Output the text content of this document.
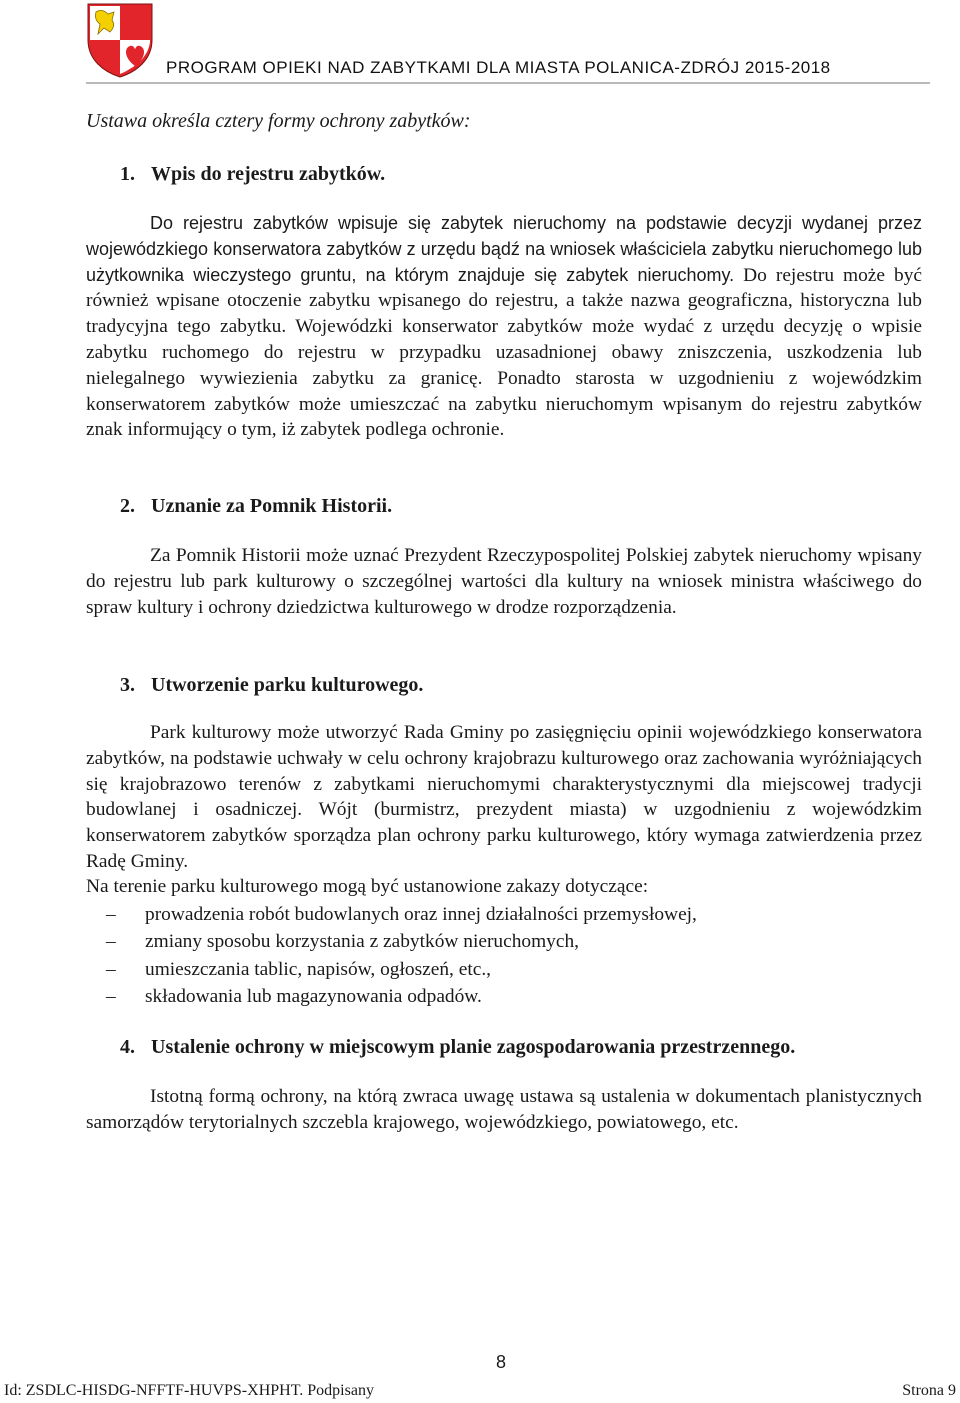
PROGRAM OPIEKI NAD ZABYTKAMI DLA MIASTA POLANICA-ZDRÓJ 2015-2018
Ustawa określa cztery formy ochrony zabytków:
1. Wpis do rejestru zabytków.
Do rejestru zabytków wpisuje się zabytek nieruchomy na podstawie decyzji wydanej przez wojewódzkiego konserwatora zabytków z urzędu bądź na wniosek właściciela zabytku nieruchomego lub użytkownika wieczystego gruntu, na którym znajduje się zabytek nieruchomy. Do rejestru może być również wpisane otoczenie zabytku wpisanego do rejestru, a także nazwa geograficzna, historyczna lub tradycyjna tego zabytku. Wojewódzki konserwator zabytków może wydać z urzędu decyzję o wpisie zabytku ruchomego do rejestru w przypadku uzasadnionej obawy zniszczenia, uszkodzenia lub nielegalnego wywiezienia zabytku za granicę. Ponadto starosta w uzgodnieniu z wojewódzkim konserwatorem zabytków może umieszczać na zabytku nieruchomym wpisanym do rejestru zabytków znak informujący o tym, iż zabytek podlega ochronie.
2. Uznanie za Pomnik Historii.
Za Pomnik Historii może uznać Prezydent Rzeczypospolitej Polskiej zabytek nieruchomy wpisany do rejestru lub park kulturowy o szczególnej wartości dla kultury na wniosek ministra właściwego do spraw kultury i ochrony dziedzictwa kulturowego w drodze rozporządzenia.
3. Utworzenie parku kulturowego.
Park kulturowy może utworzyć Rada Gminy po zasięgnięciu opinii wojewódzkiego konserwatora zabytków, na podstawie uchwały w celu ochrony krajobrazu kulturowego oraz zachowania wyróżniających się krajobrazowo terenów z zabytkami nieruchomymi charakterystycznymi dla miejscowej tradycji budowlanej i osadniczej. Wójt (burmistrz, prezydent miasta) w uzgodnieniu z wojewódzkim konserwatorem zabytków sporządza plan ochrony parku kulturowego, który wymaga zatwierdzenia przez Radę Gminy.
Na terenie parku kulturowego mogą być ustanowione zakazy dotyczące:
– prowadzenia robót budowlanych oraz innej działalności przemysłowej,
– zmiany sposobu korzystania z zabytków nieruchomych,
– umieszczania tablic, napisów, ogłoszeń, etc.,
– składowania lub magazynowania odpadów.
4. Ustalenie ochrony w miejscowym planie zagospodarowania przestrzennego.
Istotną formą ochrony, na którą zwraca uwagę ustawa są ustalenia w dokumentach planistycznych samorządów terytorialnych szczebla krajowego, wojewódzkiego, powiatowego, etc.
8
Id: ZSDLC-HISDG-NFFTF-HUVPS-XHPHT. Podpisany	Strona 9
